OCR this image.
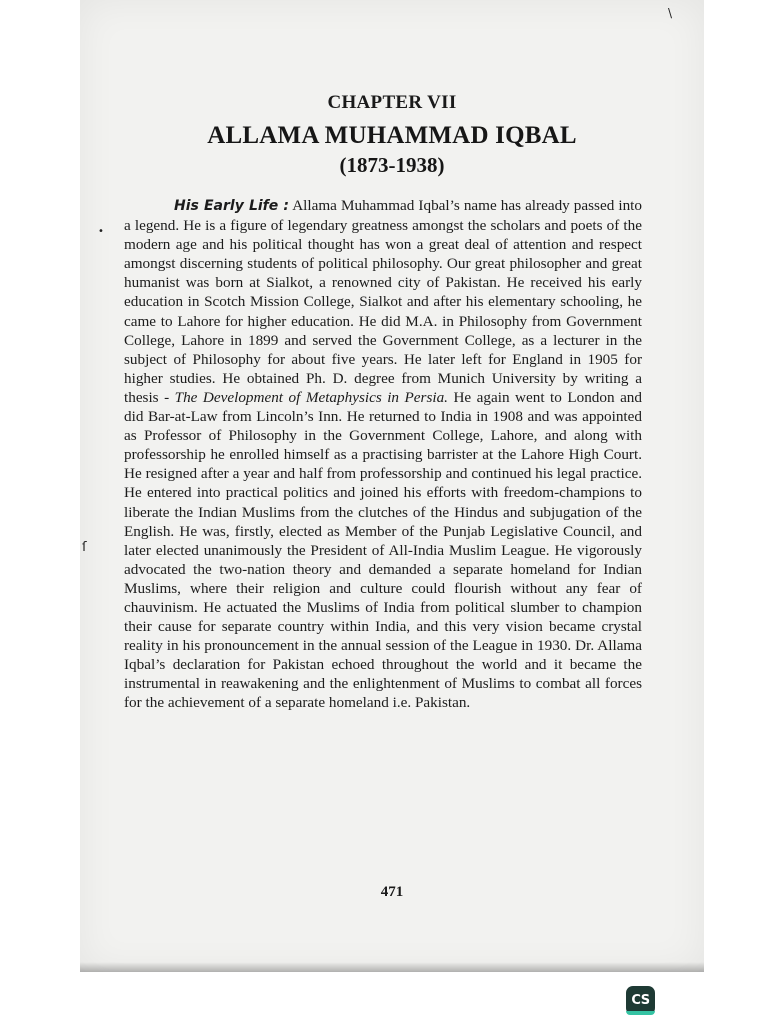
CHAPTER VII
ALLAMA MUHAMMAD IQBAL
(1873-1938)

His Early Life : Allama Muhammad Iqbal’s name has already passed into a legend. He is a figure of legendary greatness amongst the scholars and poets of the modern age and his political thought has won a great deal of attention and respect amongst discerning students of political philosophy. Our great philosopher and great humanist was born at Sialkot, a renowned city of Pakistan. He received his early education in Scotch Mission College, Sialkot and after his elementary schooling, he came to Lahore for higher education. He did M.A. in Philosophy from Government College, Lahore in 1899 and served the Government College, as a lecturer in the subject of Philosophy for about five years. He later left for England in 1905 for higher studies. He obtained Ph. D. degree from Munich University by writing a thesis - The Development of Metaphysics in Persia. He again went to London and did Bar-at-Law from Lincoln’s Inn. He returned to India in 1908 and was appointed as Professor of Philosophy in the Government College, Lahore, and along with professorship he enrolled himself as a practising barrister at the Lahore High Court. He resigned after a year and half from professorship and continued his legal practice. He entered into practical politics and joined his efforts with freedom-champions to liberate the Indian Muslims from the clutches of the Hindus and subjugation of the English. He was, firstly, elected as Member of the Punjab Legislative Council, and later elected unanimously the President of All-India Muslim League. He vigorously advocated the two-nation theory and demanded a separate homeland for Indian Muslims, where their religion and culture could flourish without any fear of chauvinism. He actuated the Muslims of India from political slumber to champion their cause for separate country within India, and this very vision became crystal reality in his pronouncement in the annual session of the League in 1930. Dr. Allama Iqbal’s declaration for Pakistan echoed throughout the world and it became the instrumental in reawakening and the enlightenment of Muslims to combat all forces for the achievement of a separate homeland i.e. Pakistan.

471
\
•
ſ
CS
